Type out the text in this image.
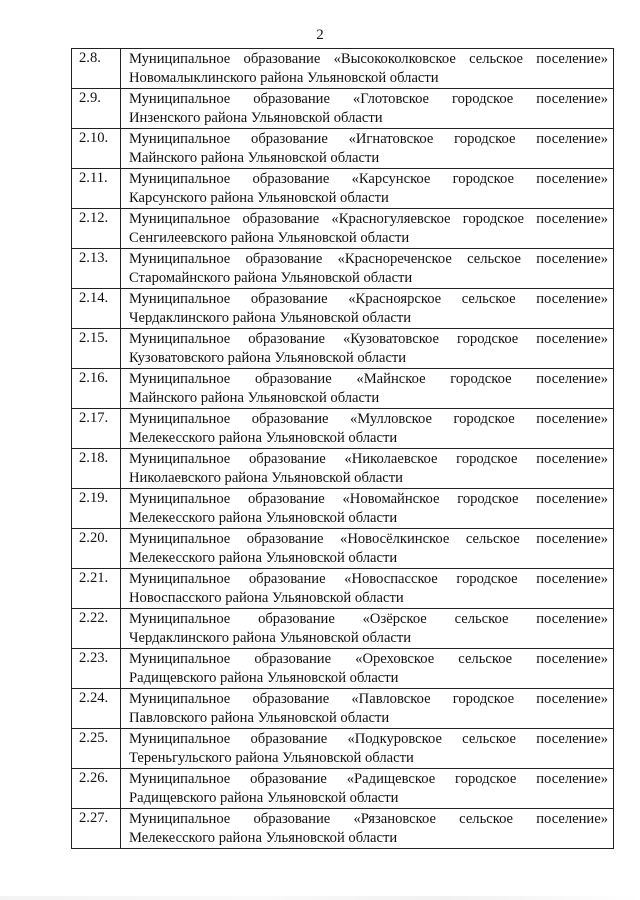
2
2.8.	Муниципальное образование «Высококолковское сельское поселение»
Новомалыклинского района Ульяновской области

2.9.	Муниципальное образование «Глотовское городское поселение»
Инзенского района Ульяновской области

2.10.	Муниципальное образование «Игнатовское городское поселение»
Майнского района Ульяновской области

2.11.	Муниципальное образование «Карсунское городское поселение»
Карсунского района Ульяновской области

2.12.	Муниципальное образование «Красногуляевское городское поселение»
Сенгилеевского района Ульяновской области

2.13.	Муниципальное образование «Краснореченское сельское поселение»
Старомайнского района Ульяновской области

2.14.	Муниципальное образование «Красноярское сельское поселение»
Чердаклинского района Ульяновской области

2.15.	Муниципальное образование «Кузоватовское городское поселение»
Кузоватовского района Ульяновской области

2.16.	Муниципальное образование «Майнское городское поселение»
Майнского района Ульяновской области

2.17.	Муниципальное образование «Мулловское городское поселение»
Мелекесского района Ульяновской области

2.18.	Муниципальное образование «Николаевское городское поселение»
Николаевского района Ульяновской области

2.19.	Муниципальное образование «Новомайнское городское поселение»
Мелекесского района Ульяновской области

2.20.	Муниципальное образование «Новосёлкинское сельское поселение»
Мелекесского района Ульяновской области

2.21.	Муниципальное образование «Новоспасское городское поселение»
Новоспасского района Ульяновской области

2.22.	Муниципальное образование «Озёрское сельское поселение»
Чердаклинского района Ульяновской области

2.23.	Муниципальное образование «Ореховское сельское поселение»
Радищевского района Ульяновской области

2.24.	Муниципальное образование «Павловское городское поселение»
Павловского района Ульяновской области

2.25.	Муниципальное образование «Подкуровское сельское поселение»
Тереньгульского района Ульяновской области

2.26.	Муниципальное образование «Радищевское городское поселение»
Радищевского района Ульяновской области

2.27.	Муниципальное образование «Рязановское сельское поселение»
Мелекесского района Ульяновской области
